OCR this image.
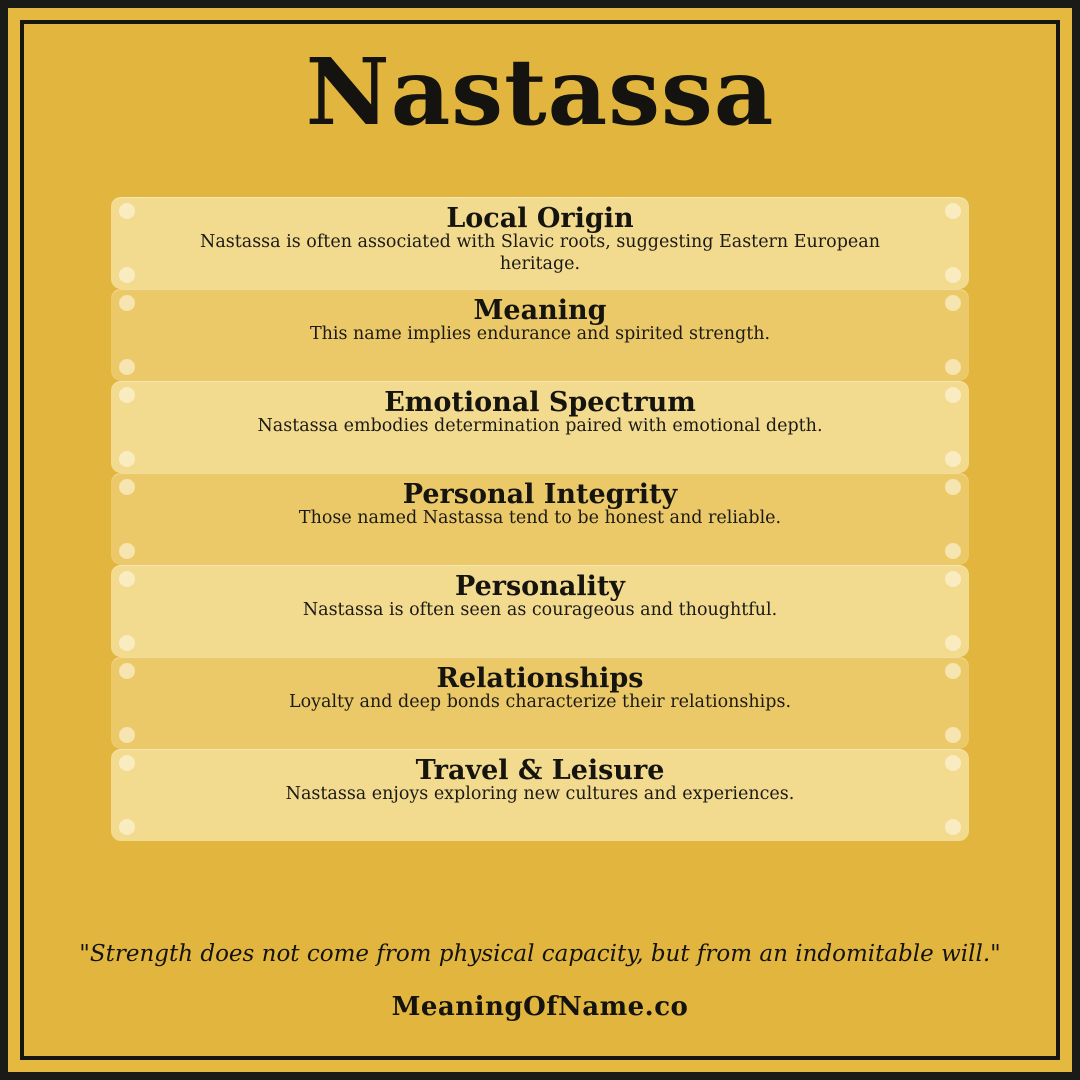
Nastassa
Local Origin
Nastassa is often associated with Slavic roots, suggesting Eastern European heritage.
Meaning
This name implies endurance and spirited strength.
Emotional Spectrum
Nastassa embodies determination paired with emotional depth.
Personal Integrity
Those named Nastassa tend to be honest and reliable.
Personality
Nastassa is often seen as courageous and thoughtful.
Relationships
Loyalty and deep bonds characterize their relationships.
Travel & Leisure
Nastassa enjoys exploring new cultures and experiences.
"Strength does not come from physical capacity, but from an indomitable will."
MeaningOfName.co
